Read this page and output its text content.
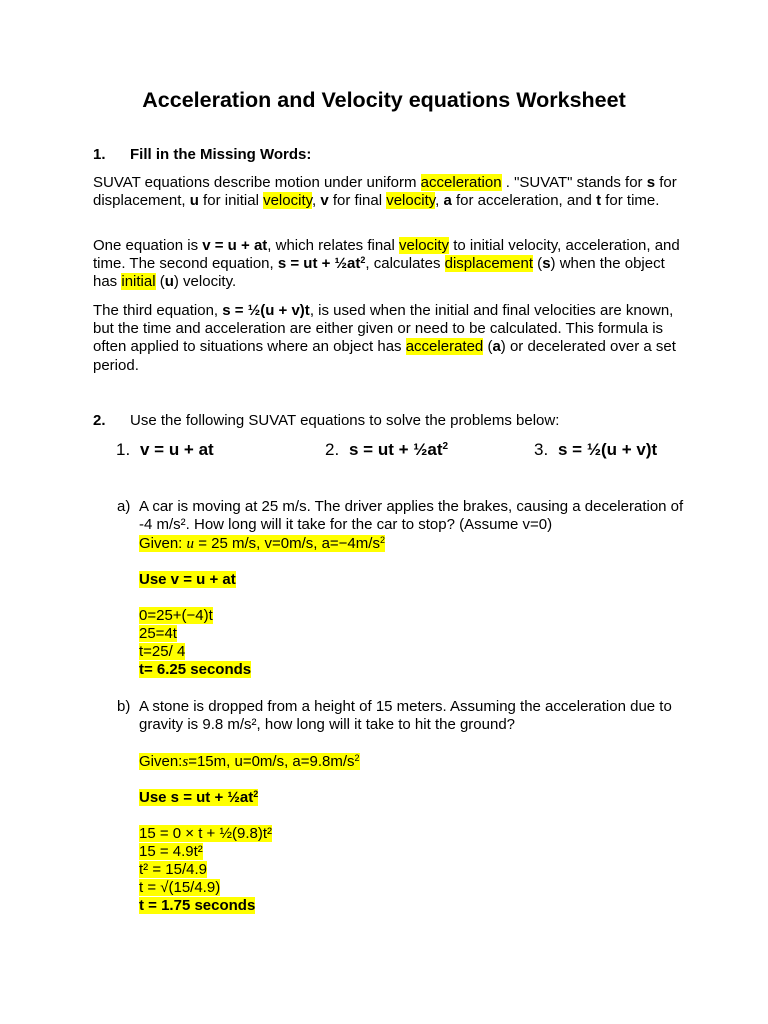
Acceleration and Velocity equations Worksheet
1. Fill in the Missing Words:

SUVAT equations describe motion under uniform acceleration . "SUVAT" stands for s for displacement, u for initial velocity, v for final velocity, a for acceleration, and t for time.

One equation is v = u + at, which relates final velocity to initial velocity, acceleration, and time. The second equation, s = ut + $\frac{1}{2}at^2$, calculates displacement (s) when the object has initial (u) velocity.

The third equation, s = ½(u + v)t, is used when the initial and final velocities are known, but the time and acceleration are either given or need to be calculated. This formula is often applied to situations where an object has accelerated (a) or decelerated over a set period.

2. Use the following SUVAT equations to solve the problems below:
1. v = u + at	2. s = ut + $\frac{1}{2}at^2$	3. s = ½(u + v)t
a) A car is moving at 25 m/s. The driver applies the brakes, causing a deceleration of -4 m/s². How long will it take for the car to stop? (Assume v=0)
Given: u = 25 m/s, v=0m/s, $a=-4m/s^2$
Use v = u + at
0=25+(−4)t
25=4t
t=25/ 4
t= 6.25 seconds
b) A stone is dropped from a height of 15 meters. Assuming the acceleration due to gravity is 9.8 m/s², how long will it take to hit the ground?
Given:s=15m, u=0m/s, $a=9.8m/s^2$
Use s = ut + $\frac{1}{2}at^2$
15 = 0 × t + ½(9.8)t²
15 = 4.9t²
t² = 15/4.9
t = √(15/4.9)
t = 1.75 seconds
